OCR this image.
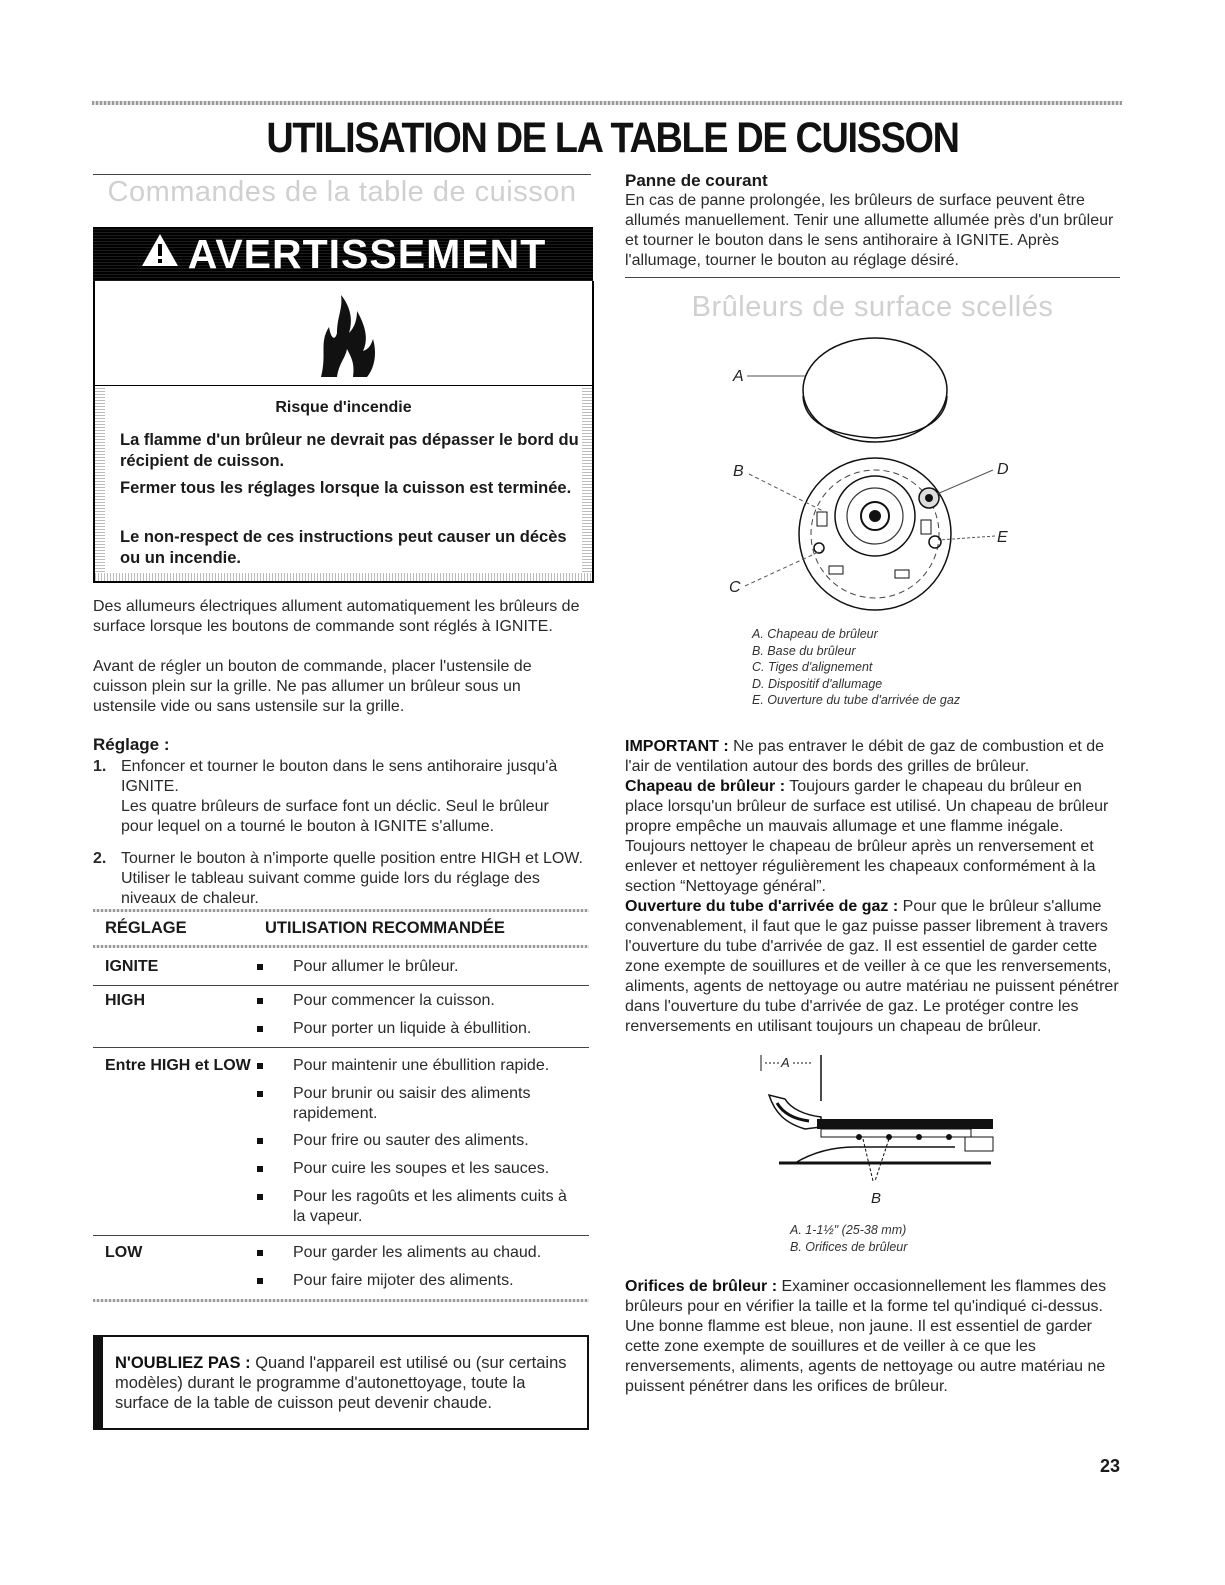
UTILISATION DE LA TABLE DE CUISSON
Commandes de la table de cuisson
AVERTISSEMENT
Risque d'incendie
La flamme d'un brûleur ne devrait pas dépasser le bord du récipient de cuisson.
Fermer tous les réglages lorsque la cuisson est terminée.
Le non-respect de ces instructions peut causer un décès ou un incendie.
Des allumeurs électriques allument automatiquement les brûleurs de surface lorsque les boutons de commande sont réglés à IGNITE.
Avant de régler un bouton de commande, placer l'ustensile de cuisson plein sur la grille. Ne pas allumer un brûleur sous un ustensile vide ou sans ustensile sur la grille.
Réglage :
1. Enfoncer et tourner le bouton dans le sens antihoraire jusqu'à IGNITE.
Les quatre brûleurs de surface font un déclic. Seul le brûleur pour lequel on a tourné le bouton à IGNITE s'allume.
2. Tourner le bouton à n'importe quelle position entre HIGH et LOW. Utiliser le tableau suivant comme guide lors du réglage des niveaux de chaleur.
RÉGLAGE	UTILISATION RECOMMANDÉE
IGNITE	Pour allumer le brûleur.
HIGH	Pour commencer la cuisson.
Pour porter un liquide à ébullition.
Entre HIGH et LOW	Pour maintenir une ébullition rapide.
Pour brunir ou saisir des aliments rapidement.
Pour frire ou sauter des aliments.
Pour cuire les soupes et les sauces.
Pour les ragoûts et les aliments cuits à la vapeur.
LOW	Pour garder les aliments au chaud.
Pour faire mijoter des aliments.
N'OUBLIEZ PAS : Quand l'appareil est utilisé ou (sur certains modèles) durant le programme d'autonettoyage, toute la surface de la table de cuisson peut devenir chaude.
Panne de courant
En cas de panne prolongée, les brûleurs de surface peuvent être allumés manuellement. Tenir une allumette allumée près d'un brûleur et tourner le bouton dans le sens antihoraire à IGNITE. Après l'allumage, tourner le bouton au réglage désiré.
Brûleurs de surface scellés
A
B
C
D
E
A. Chapeau de brûleur
B. Base du brûleur
C. Tiges d'alignement
D. Dispositif d'allumage
E. Ouverture du tube d'arrivée de gaz
IMPORTANT : Ne pas entraver le débit de gaz de combustion et de l'air de ventilation autour des bords des grilles de brûleur.
Chapeau de brûleur : Toujours garder le chapeau du brûleur en place lorsqu'un brûleur de surface est utilisé. Un chapeau de brûleur propre empêche un mauvais allumage et une flamme inégale. Toujours nettoyer le chapeau de brûleur après un renversement et enlever et nettoyer régulièrement les chapeaux conformément à la section “Nettoyage général”.
Ouverture du tube d'arrivée de gaz : Pour que le brûleur s'allume convenablement, il faut que le gaz puisse passer librement à travers l'ouverture du tube d'arrivée de gaz. Il est essentiel de garder cette zone exempte de souillures et de veiller à ce que les renversements, aliments, agents de nettoyage ou autre matériau ne puissent pénétrer dans l'ouverture du tube d'arrivée de gaz. Le protéger contre les renversements en utilisant toujours un chapeau de brûleur.
A
B
A. 1-1½" (25-38 mm)
B. Orifices de brûleur
Orifices de brûleur : Examiner occasionnellement les flammes des brûleurs pour en vérifier la taille et la forme tel qu'indiqué ci-dessus. Une bonne flamme est bleue, non jaune. Il est essentiel de garder cette zone exempte de souillures et de veiller à ce que les renversements, aliments, agents de nettoyage ou autre matériau ne puissent pénétrer dans les orifices de brûleur.
23
